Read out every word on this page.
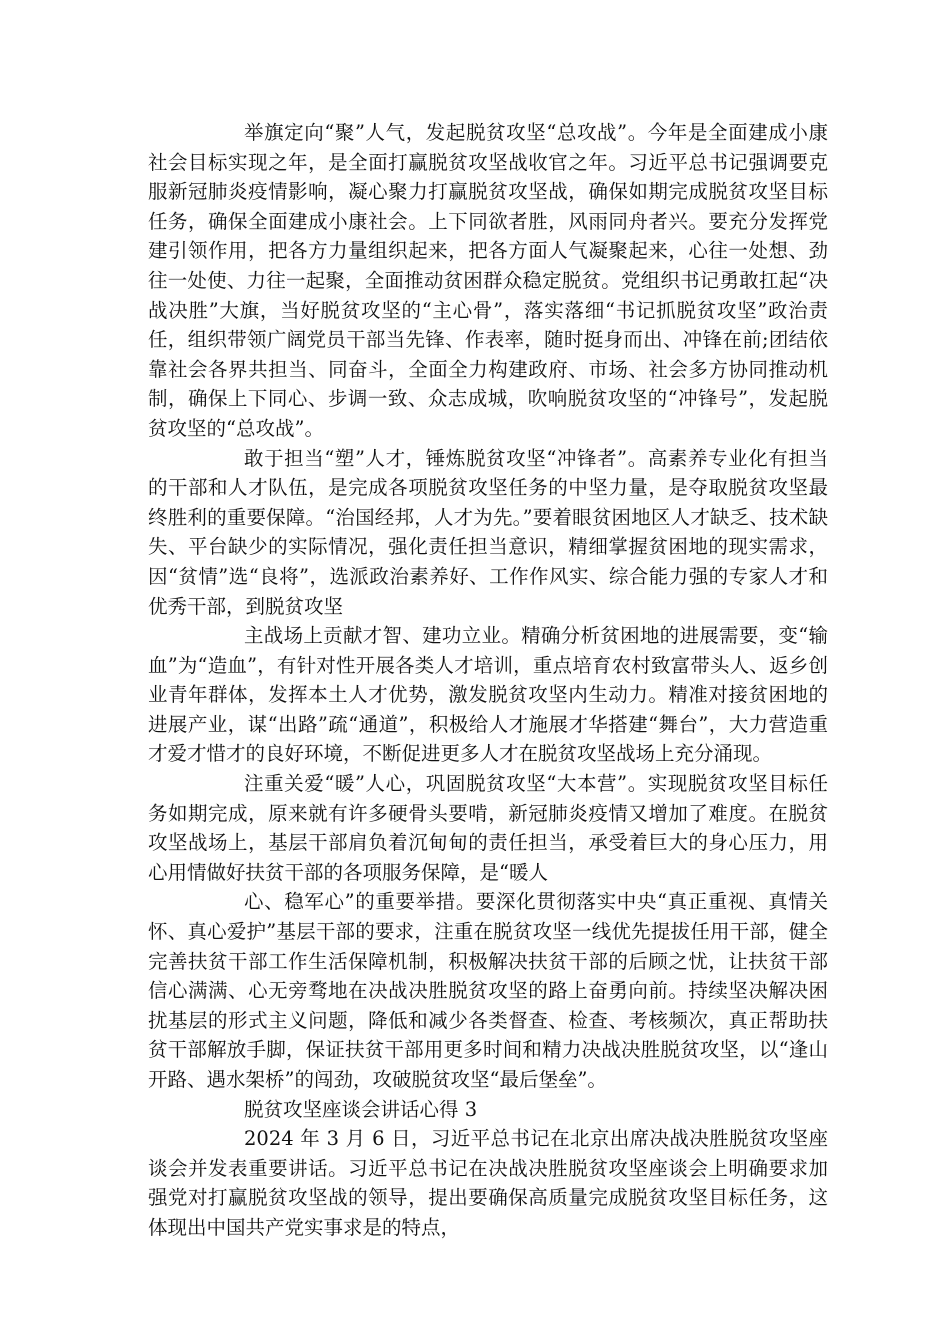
举旗定向“聚”人气，发起脱贫攻坚“总攻战”。今年是全面建成小康社会目标实现之年，是全面打赢脱贫攻坚战收官之年。习近平总书记强调要克服新冠肺炎疫情影响，凝心聚力打赢脱贫攻坚战，确保如期完成脱贫攻坚目标任务，确保全面建成小康社会。上下同欲者胜，风雨同舟者兴。要充分发挥党建引领作用，把各方力量组织起来，把各方面人气凝聚起来，心往一处想、劲往一处使、力往一起聚，全面推动贫困群众稳定脱贫。党组织书记勇敢扛起“决战决胜”大旗，当好脱贫攻坚的“主心骨”，落实落细“书记抓脱贫攻坚”政治责任，组织带领广阔党员干部当先锋、作表率，随时挺身而出、冲锋在前;团结依靠社会各界共担当、同奋斗，全面全力构建政府、市场、社会多方协同推动机制，确保上下同心、步调一致、众志成城，吹响脱贫攻坚的“冲锋号”，发起脱贫攻坚的“总攻战”。

敢于担当“塑”人才，锤炼脱贫攻坚“冲锋者”。高素养专业化有担当的干部和人才队伍，是完成各项脱贫攻坚任务的中坚力量，是夺取脱贫攻坚最终胜利的重要保障。“治国经邦，人才为先。”要着眼贫困地区人才缺乏、技术缺失、平台缺少的实际情况，强化责任担当意识，精细掌握贫困地的现实需求，因“贫情”选“良将”，选派政治素养好、工作作风实、综合能力强的专家人才和优秀干部，到脱贫攻坚

主战场上贡献才智、建功立业。精确分析贫困地的进展需要，变“输血”为“造血”，有针对性开展各类人才培训，重点培育农村致富带头人、返乡创业青年群体，发挥本土人才优势，激发脱贫攻坚内生动力。精准对接贫困地的进展产业，谋“出路”疏“通道”，积极给人才施展才华搭建“舞台”，大力营造重才爱才惜才的良好环境，不断促进更多人才在脱贫攻坚战场上充分涌现。

注重关爱“暖”人心，巩固脱贫攻坚“大本营”。实现脱贫攻坚目标任务如期完成，原来就有许多硬骨头要啃，新冠肺炎疫情又增加了难度。在脱贫攻坚战场上，基层干部肩负着沉甸甸的责任担当，承受着巨大的身心压力，用心用情做好扶贫干部的各项服务保障，是“暖人

心、稳军心”的重要举措。要深化贯彻落实中央“真正重视、真情关怀、真心爱护”基层干部的要求，注重在脱贫攻坚一线优先提拔任用干部，健全完善扶贫干部工作生活保障机制，积极解决扶贫干部的后顾之忧，让扶贫干部信心满满、心无旁骛地在决战决胜脱贫攻坚的路上奋勇向前。持续坚决解决困扰基层的形式主义问题，降低和减少各类督查、检查、考核频次，真正帮助扶贫干部解放手脚，保证扶贫干部用更多时间和精力决战决胜脱贫攻坚，以“逢山开路、遇水架桥”的闯劲，攻破脱贫攻坚“最后堡垒”。

脱贫攻坚座谈会讲话心得 3

2024 年 3 月 6 日，习近平总书记在北京出席决战决胜脱贫攻坚座谈会并发表重要讲话。习近平总书记在决战决胜脱贫攻坚座谈会上明确要求加强党对打赢脱贫攻坚战的领导，提出要确保高质量完成脱贫攻坚目标任务，这体现出中国共产党实事求是的特点，
